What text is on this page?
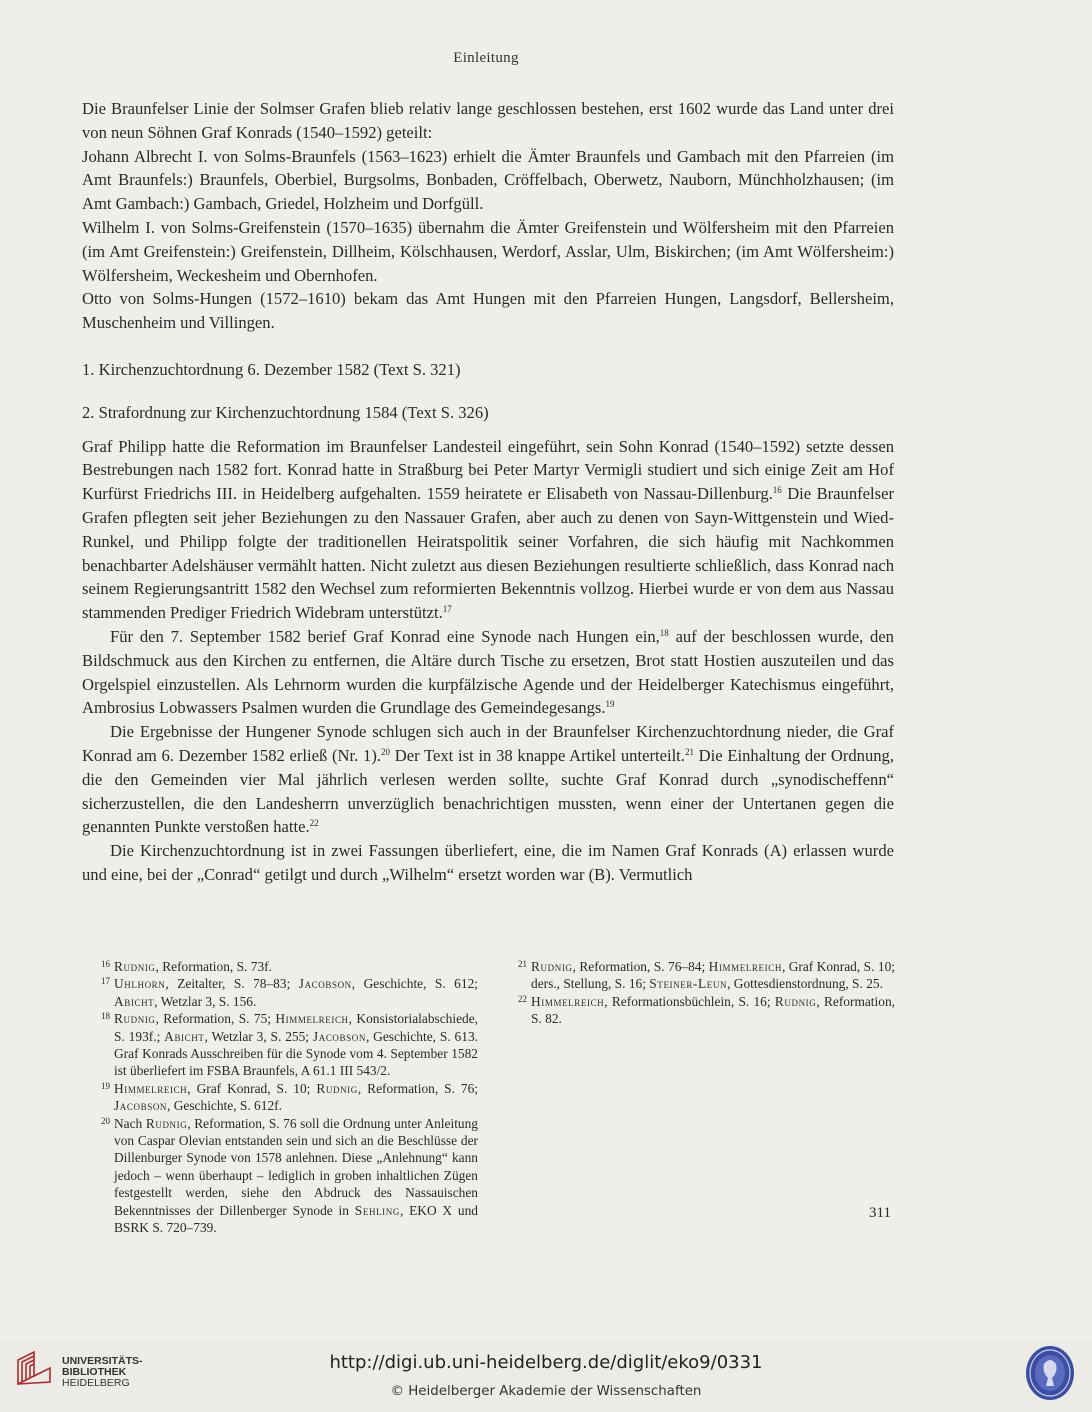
Einleitung

Die Braunfelser Linie der Solmser Grafen blieb relativ lange geschlossen bestehen, erst 1602 wurde das Land unter drei von neun Söhnen Graf Konrads (1540–1592) geteilt:

Johann Albrecht I. von Solms-Braunfels (1563–1623) erhielt die Ämter Braunfels und Gambach mit den Pfarreien (im Amt Braunfels:) Braunfels, Oberbiel, Burgsolms, Bonbaden, Cröffelbach, Oberwetz, Nauborn, Münchholzhausen; (im Amt Gambach:) Gambach, Griedel, Holzheim und Dorfgüll.

Wilhelm I. von Solms-Greifenstein (1570–1635) übernahm die Ämter Greifenstein und Wölfersheim mit den Pfarreien (im Amt Greifenstein:) Greifenstein, Dillheim, Kölschhausen, Werdorf, Asslar, Ulm, Biskirchen; (im Amt Wölfersheim:) Wölfersheim, Weckesheim und Obernhofen.

Otto von Solms-Hungen (1572–1610) bekam das Amt Hungen mit den Pfarreien Hungen, Langsdorf, Bellersheim, Muschenheim und Villingen.

1. Kirchenzuchtordnung 6. Dezember 1582 (Text S. 321)

2. Strafordnung zur Kirchenzuchtordnung 1584 (Text S. 326)

Graf Philipp hatte die Reformation im Braunfelser Landesteil eingeführt, sein Sohn Konrad (1540–1592) setzte dessen Bestrebungen nach 1582 fort. Konrad hatte in Straßburg bei Peter Martyr Vermigli studiert und sich einige Zeit am Hof Kurfürst Friedrichs III. in Heidelberg aufgehalten. 1559 heiratete er Elisabeth von Nassau-Dillenburg.$^{16}$ Die Braunfelser Grafen pflegten seit jeher Beziehungen zu den Nassauer Grafen, aber auch zu denen von Sayn-Wittgenstein und Wied-Runkel, und Philipp folgte der traditionellen Heiratspolitik seiner Vorfahren, die sich häufig mit Nachkommen benachbarter Adelshäuser vermählt hatten. Nicht zuletzt aus diesen Beziehungen resultierte schließlich, dass Konrad nach seinem Regierungsantritt 1582 den Wechsel zum reformierten Bekenntnis vollzog. Hierbei wurde er von dem aus Nassau stammenden Prediger Friedrich Widebram unterstützt.$^{17}$

Für den 7. September 1582 berief Graf Konrad eine Synode nach Hungen ein,$^{18}$ auf der beschlossen wurde, den Bildschmuck aus den Kirchen zu entfernen, die Altäre durch Tische zu ersetzen, Brot statt Hostien auszuteilen und das Orgelspiel einzustellen. Als Lehrnorm wurden die kurpfälzische Agende und der Heidelberger Katechismus eingeführt, Ambrosius Lobwassers Psalmen wurden die Grundlage des Gemeindegesangs.$^{19}$

Die Ergebnisse der Hungener Synode schlugen sich auch in der Braunfelser Kirchenzuchtordnung nieder, die Graf Konrad am 6. Dezember 1582 erließ (Nr. 1).$^{20}$ Der Text ist in 38 knappe Artikel unterteilt.$^{21}$ Die Einhaltung der Ordnung, die den Gemeinden vier Mal jährlich verlesen werden sollte, suchte Graf Konrad durch „synodischeffenn“ sicherzustellen, die den Landesherrn unverzüglich benachrichtigen mussten, wenn einer der Untertanen gegen die genannten Punkte verstoßen hatte.$^{22}$

Die Kirchenzuchtordnung ist in zwei Fassungen überliefert, eine, die im Namen Graf Konrads (A) erlassen wurde und eine, bei der „Conrad“ getilgt und durch „Wilhelm“ ersetzt worden war (B). Vermutlich

16 Rudnig, Reformation, S. 73f.

17 Uhlhorn, Zeitalter, S. 78–83; Jacobson, Geschichte, S. 612; Abicht, Wetzlar 3, S. 156.

18 Rudnig, Reformation, S. 75; Himmelreich, Konsistorialabschiede, S. 193f.; Abicht, Wetzlar 3, S. 255; Jacobson, Geschichte, S. 613. Graf Konrads Ausschreiben für die Synode vom 4. September 1582 ist überliefert im FSBA Braunfels, A 61.1 III 543/2.

19 Himmelreich, Graf Konrad, S. 10; Rudnig, Reformation, S. 76; Jacobson, Geschichte, S. 612f.

20 Nach Rudnig, Reformation, S. 76 soll die Ordnung unter Anleitung von Caspar Olevian entstanden sein und sich an die Beschlüsse der Dillenburger Synode von 1578 anlehnen. Diese „Anlehnung“ kann jedoch – wenn überhaupt – lediglich in groben inhaltlichen Zügen festgestellt werden, siehe den Abdruck des Nassauischen Bekenntnisses der Dillenberger Synode in Sehling, EKO X und BSRK S. 720–739.

21 Rudnig, Reformation, S. 76–84; Himmelreich, Graf Konrad, S. 10; ders., Stellung, S. 16; Steiner-Leun, Gottesdienstordnung, S. 25.

22 Himmelreich, Reformationsbüchlein, S. 16; Rudnig, Reformation, S. 82.

311
UNIVERSITÄTS-
BIBLIOTHEK
HEIDELBERG
http://digi.ub.uni-heidelberg.de/diglit/eko9/0331
© Heidelberger Akademie der Wissenschaften
